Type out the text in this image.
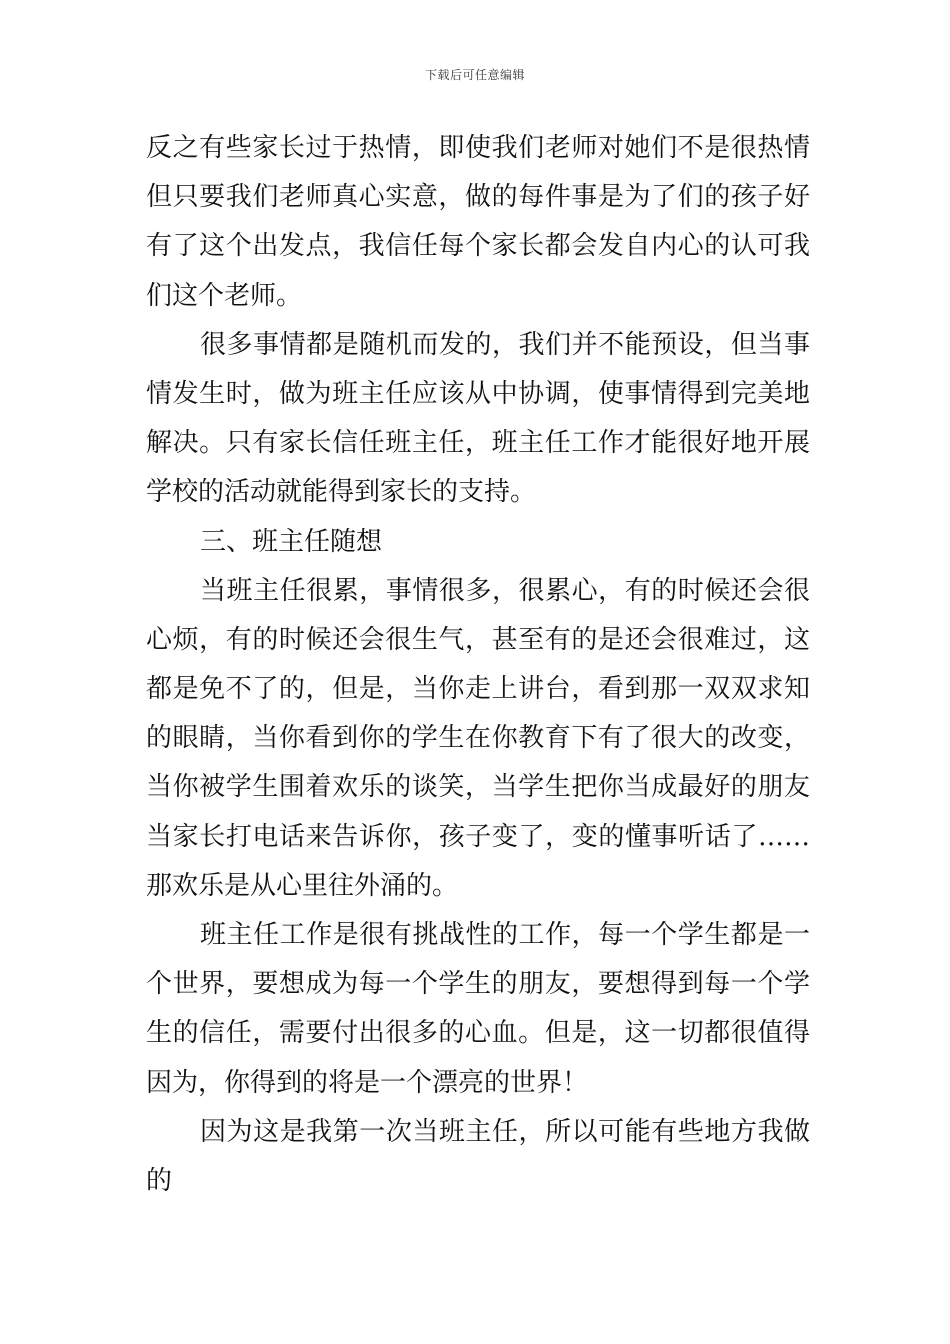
下载后可任意编辑
反之有些家长过于热情，即使我们老师对她们不是很热情
但只要我们老师真心实意，做的每件事是为了们的孩子好
有了这个出发点，我信任每个家长都会发自内心的认可我
们这个老师。
很多事情都是随机而发的，我们并不能预设，但当事
情发生时，做为班主任应该从中协调，使事情得到完美地
解决。只有家长信任班主任，班主任工作才能很好地开展
学校的活动就能得到家长的支持。
三、班主任随想
当班主任很累，事情很多，很累心，有的时候还会很
心烦，有的时候还会很生气，甚至有的是还会很难过，这
都是免不了的，但是，当你走上讲台，看到那一双双求知
的眼睛，当你看到你的学生在你教育下有了很大的改变，
当你被学生围着欢乐的谈笑，当学生把你当成最好的朋友
当家长打电话来告诉你，孩子变了，变的懂事听话了……
那欢乐是从心里往外涌的。
班主任工作是很有挑战性的工作，每一个学生都是一
个世界，要想成为每一个学生的朋友，要想得到每一个学
生的信任，需要付出很多的心血。但是，这一切都很值得
因为，你得到的将是一个漂亮的世界！
因为这是我第一次当班主任，所以可能有些地方我做
的
